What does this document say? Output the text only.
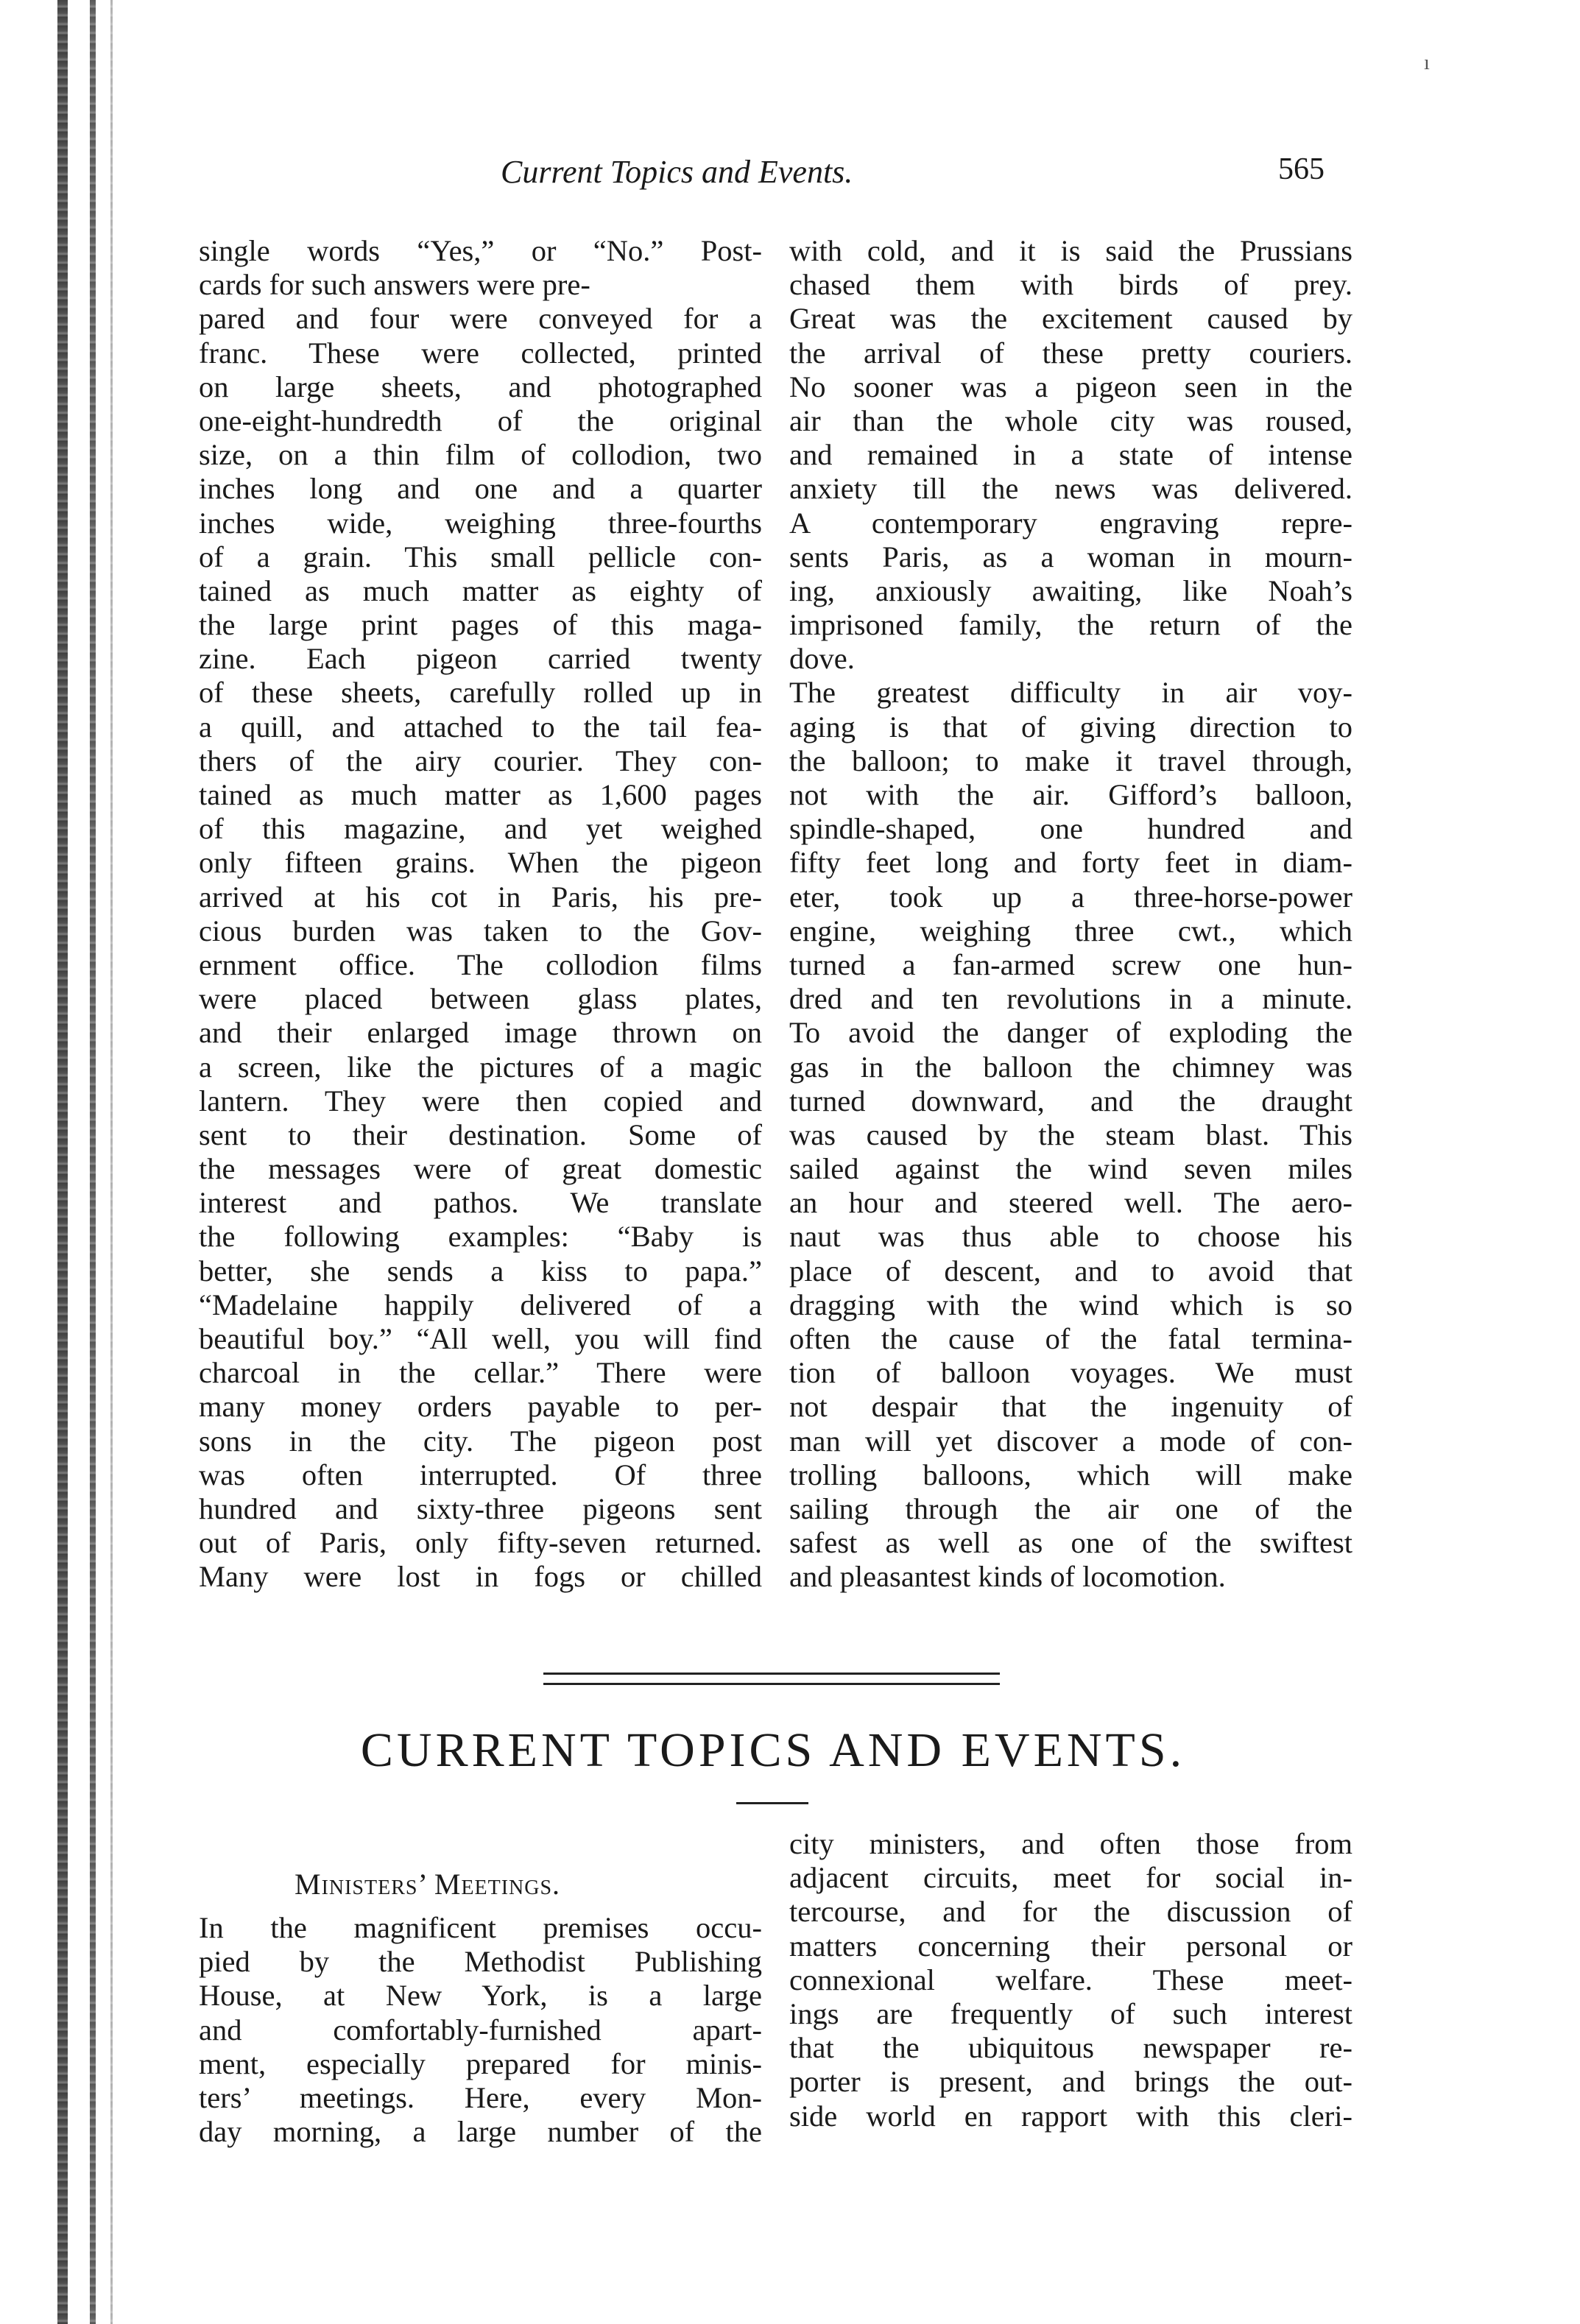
ı
Current Topics and Events.	565
single words “Yes,” or “No.” Post-
cards for such answers were pre-
pared and four were conveyed for a
franc. These were collected, printed
on large sheets, and photographed
one-eight-hundredth of the original
size, on a thin film of collodion, two
inches long and one and a quarter
inches wide, weighing three-fourths
of a grain. This small pellicle con-
tained as much matter as eighty of
the large print pages of this maga-
zine. Each pigeon carried twenty
of these sheets, carefully rolled up in
a quill, and attached to the tail fea-
thers of the airy courier. They con-
tained as much matter as 1,600 pages
of this magazine, and yet weighed
only fifteen grains. When the pigeon
arrived at his cot in Paris, his pre-
cious burden was taken to the Gov-
ernment office. The collodion films
were placed between glass plates,
and their enlarged image thrown on
a screen, like the pictures of a magic
lantern. They were then copied and
sent to their destination. Some of
the messages were of great domestic
interest and pathos. We translate
the following examples: “Baby is
better, she sends a kiss to papa.”
“Madelaine happily delivered of a
beautiful boy.” “All well, you will find
charcoal in the cellar.” There were
many money orders payable to per-
sons in the city. The pigeon post
was often interrupted. Of three
hundred and sixty-three pigeons sent
out of Paris, only fifty-seven returned.
Many were lost in fogs or chilled
with cold, and it is said the Prussians
chased them with birds of prey.
Great was the excitement caused by
the arrival of these pretty couriers.
No sooner was a pigeon seen in the
air than the whole city was roused,
and remained in a state of intense
anxiety till the news was delivered.
A contemporary engraving repre-
sents Paris, as a woman in mourn-
ing, anxiously awaiting, like Noah’s
imprisoned family, the return of the
dove.
The greatest difficulty in air voy-
aging is that of giving direction to
the balloon; to make it travel through,
not with the air. Gifford’s balloon,
spindle-shaped, one hundred and
fifty feet long and forty feet in diam-
eter, took up a three-horse-power
engine, weighing three cwt., which
turned a fan-armed screw one hun-
dred and ten revolutions in a minute.
To avoid the danger of exploding the
gas in the balloon the chimney was
turned downward, and the draught
was caused by the steam blast. This
sailed against the wind seven miles
an hour and steered well. The aero-
naut was thus able to choose his
place of descent, and to avoid that
dragging with the wind which is so
often the cause of the fatal termina-
tion of balloon voyages. We must
not despair that the ingenuity of
man will yet discover a mode of con-
trolling balloons, which will make
sailing through the air one of the
safest as well as one of the swiftest
and pleasantest kinds of locomotion.
CURRENT TOPICS AND EVENTS.
Ministers’ Meetings.
In the magnificent premises occu-
pied by the Methodist Publishing
House, at New York, is a large
and comfortably-furnished apart-
ment, especially prepared for minis-
ters’ meetings. Here, every Mon-
day morning, a large number of the
city ministers, and often those from
adjacent circuits, meet for social in-
tercourse, and for the discussion of
matters concerning their personal or
connexional welfare. These meet-
ings are frequently of such interest
that the ubiquitous newspaper re-
porter is present, and brings the out-
side world en rapport with this cleri-
